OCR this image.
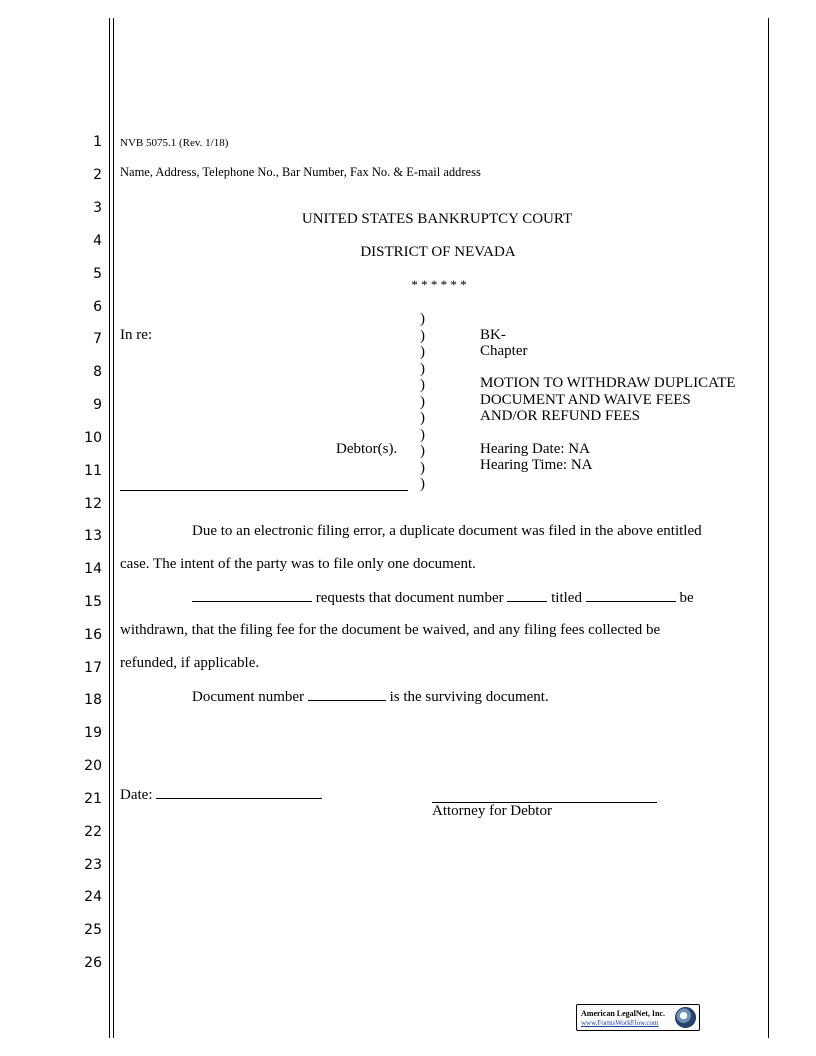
1
2
3
4
5
6
7
8
9
10
11
12
13
14
15
16
17
18
19
20
21
22
23
24
25
26
NVB 5075.1 (Rev. 1/18)
Name, Address, Telephone No., Bar Number, Fax No. & E-mail address
UNITED STATES BANKRUPTCY COURT
DISTRICT OF NEVADA
* * * * * *
In re:
Debtor(s).
)
)
)
)
)
)
)
)
)
)
)
BK-
Chapter
MOTION TO WITHDRAW DUPLICATE
DOCUMENT AND WAIVE FEES
AND/OR REFUND FEES
Hearing Date: NA
Hearing Time: NA
Due to an electronic filing error, a duplicate document was filed in the above entitled
case. The intent of the party was to file only one document.
requests that document number	titled	be
withdrawn, that the filing fee for the document be waived, and any filing fees collected be
refunded, if applicable.
Document number	is the surviving document.
Date:
Attorney for Debtor
American LegalNet, Inc.
www.FormsWorkFlow.com
